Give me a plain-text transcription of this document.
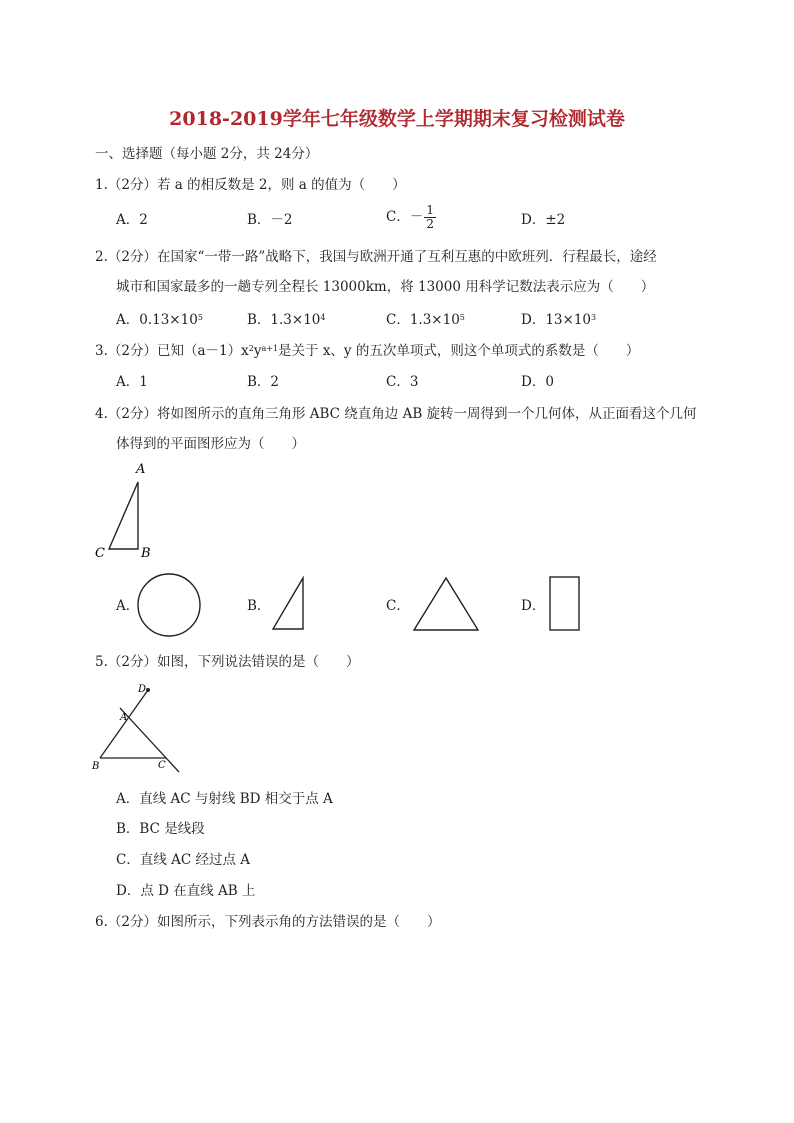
2018-2019学年七年级数学上学期期末复习检测试卷
一、选择题（每小题 2分，共 24分）
1.（2分）若 a 的相反数是 2，则 a 的值为（　　）
A．2	B．－2	C．－ $\frac{1}{2}$	D．±2
2.（2分）在国家“一带一路”战略下，我国与欧洲开通了互利互惠的中欧班列．行程最长，途经
城市和国家最多的一趟专列全程长 13000km，将 13000 用科学记数法表示应为（　　）
A．$0.13\times 10^5$	B．$1.3\times 10^4$	C．$1.3\times 10^5$	D．$13\times 10^3$
3.（2分）已知$(a-1)x^2y^{a+1}$是关于 x、y 的五次单项式，则这个单项式的系数是（　　）
A．1	B．2	C．3	D．0
4.（2分）将如图所示的直角三角形 ABC 绕直角边 AB 旋转一周得到一个几何体，从正面看这个几何
体得到的平面图形应为（　　）
A
C	B
A．	B．	C．	D．
5.（2分）如图，下列说法错误的是（　　）
D
A
B	C
A．直线 AC 与射线 BD 相交于点 A
B．BC 是线段
C．直线 AC 经过点 A
D．点 D 在直线 AB 上
6.（2分）如图所示，下列表示角的方法错误的是（　　）
